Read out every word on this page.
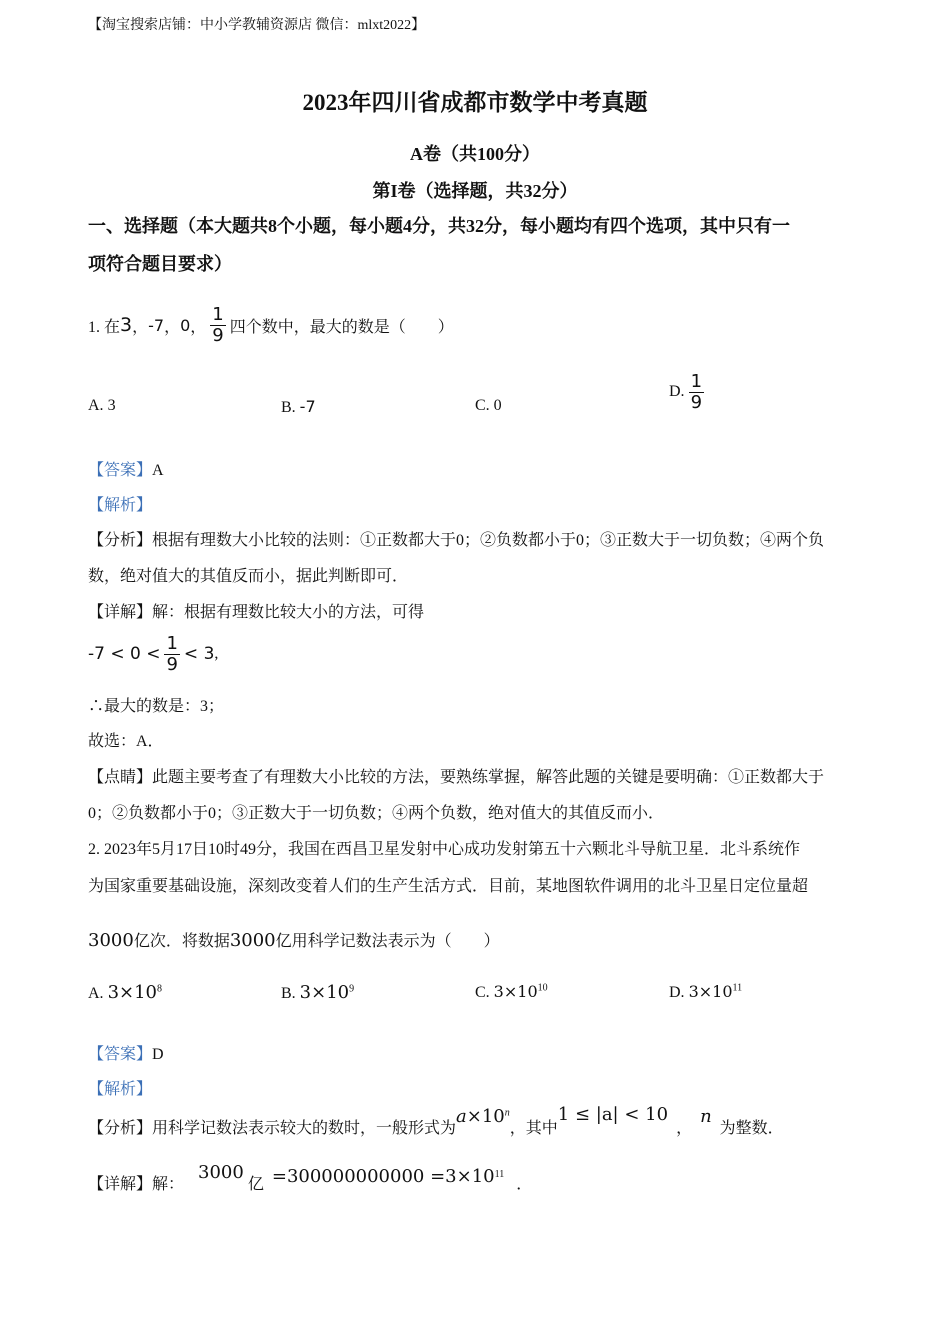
【淘宝搜索店铺：中小学教辅资源店 微信：mlxt2022】
2023年四川省成都市数学中考真题
A卷（共100分）
第I卷（选择题，共32分）
一、选择题（本大题共8个小题，每小题4分，共32分，每小题均有四个选项，其中只有一
项符合题目要求）
1. 在 3 ， -7 ， 0 ， $\frac{1}{9}$ 四个数中，最大的数是（　　）
A. 3	B. -7	C. 0
D. $\frac{1}{9}$
【答案】A
【解析】
【分析】根据有理数大小比较的法则：①正数都大于0；②负数都小于0；③正数大于一切负数；④两个负
数，绝对值大的其值反而小，据此判断即可．
【详解】解：根据有理数比较大小的方法，可得
$-7 < 0 < \frac{1}{9} < 3$ ,
∴最大的数是：3；
故选：A．
【点睛】此题主要考查了有理数大小比较的方法，要熟练掌握，解答此题的关键是要明确：①正数都大于
0；②负数都小于0；③正数大于一切负数；④两个负数，绝对值大的其值反而小．
2. 2023年5月17日10时49分，我国在西昌卫星发射中心成功发射第五十六颗北斗导航卫星．北斗系统作
为国家重要基础设施，深刻改变着人们的生产生活方式．目前，某地图软件调用的北斗卫星日定位量超
3000 亿次．将数据 3000 亿用科学记数法表示为（　　）
A. $3\times 10^8$	B. $3\times 10^9$	C. $3\times 10^{10}$	D. $3\times 10^{11}$
【答案】D
【解析】
【分析】 用科学记数法表示较大的数时，一般形式为
$a\times 10^n$
，其中
1 ≤ |a| < 10
，
n
为整数．
【详解】 解：
3000
亿 $=300000000000 =3\times 10^{11}$
．
